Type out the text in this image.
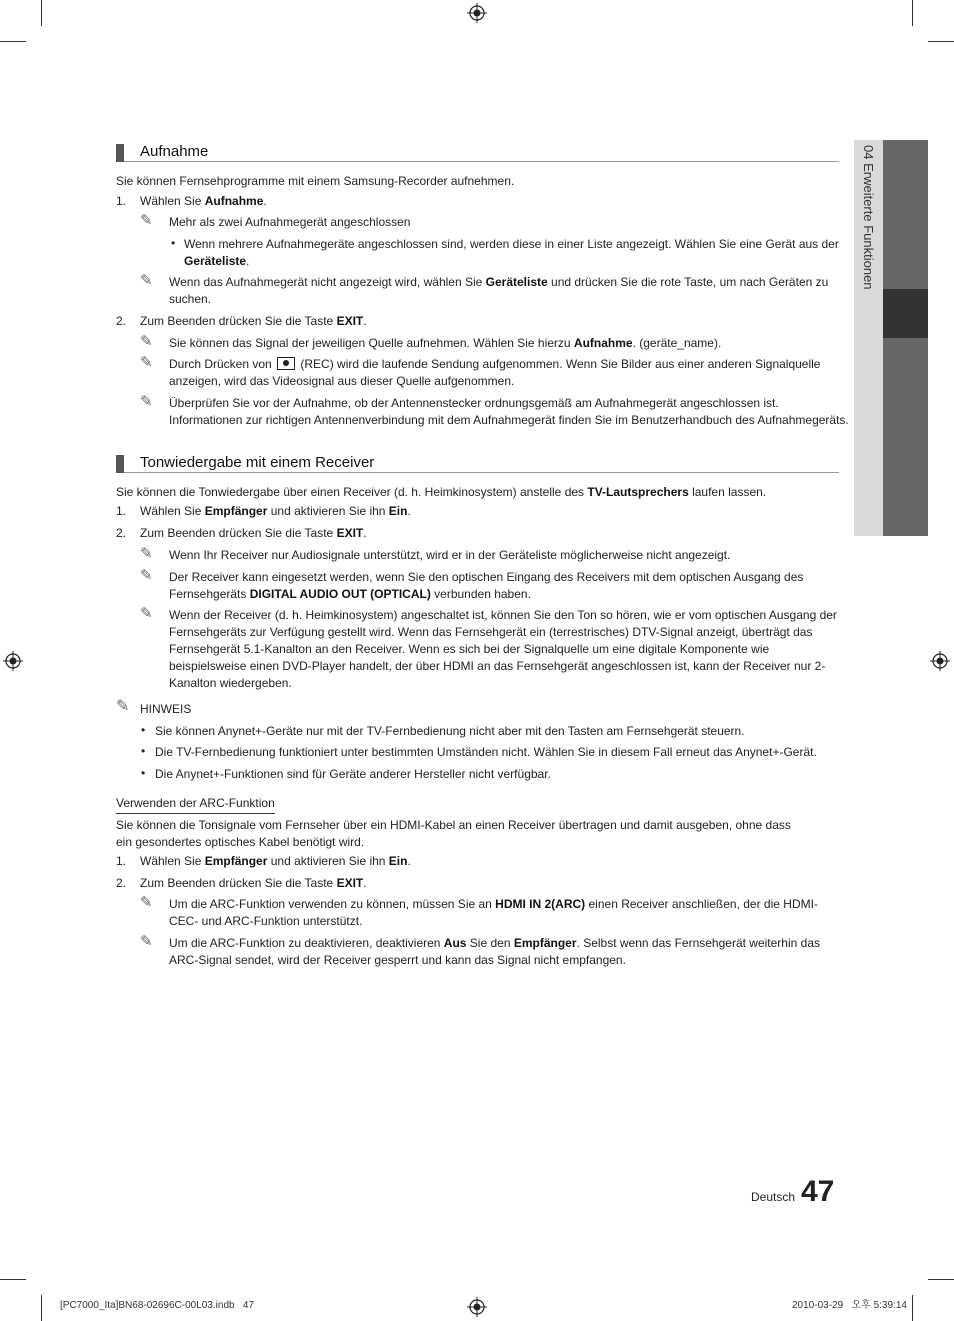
04 Erweiterte Funktionen
Aufnahme
Sie können Fernsehprogramme mit einem Samsung-Recorder aufnehmen.
1. Wählen Sie Aufnahme.
✎ Mehr als zwei Aufnahmegerät angeschlossen
• Wenn mehrere Aufnahmegeräte angeschlossen sind, werden diese in einer Liste angezeigt. Wählen Sie eine Gerät aus der Geräteliste.
✎ Wenn das Aufnahmegerät nicht angezeigt wird, wählen Sie Geräteliste und drücken Sie die rote Taste, um nach Geräten zu suchen.
2. Zum Beenden drücken Sie die Taste EXIT.
✎ Sie können das Signal der jeweiligen Quelle aufnehmen. Wählen Sie hierzu Aufnahme. (geräte_name).
✎ Durch Drücken von  (REC) wird die laufende Sendung aufgenommen. Wenn Sie Bilder aus einer anderen Signalquelle anzeigen, wird das Videosignal aus dieser Quelle aufgenommen.
✎ Überprüfen Sie vor der Aufnahme, ob der Antennenstecker ordnungsgemäß am Aufnahmegerät angeschlossen ist. Informationen zur richtigen Antennenverbindung mit dem Aufnahmegerät finden Sie im Benutzerhandbuch des Aufnahmegeräts.
Tonwiedergabe mit einem Receiver
Sie können die Tonwiedergabe über einen Receiver (d. h. Heimkinosystem) anstelle des TV-Lautsprechers laufen lassen.
1. Wählen Sie Empfänger und aktivieren Sie ihn Ein.
2. Zum Beenden drücken Sie die Taste EXIT.
✎ Wenn Ihr Receiver nur Audiosignale unterstützt, wird er in der Geräteliste möglicherweise nicht angezeigt.
✎ Der Receiver kann eingesetzt werden, wenn Sie den optischen Eingang des Receivers mit dem optischen Ausgang des Fernsehgeräts DIGITAL AUDIO OUT (OPTICAL) verbunden haben.
✎ Wenn der Receiver (d. h. Heimkinosystem) angeschaltet ist, können Sie den Ton so hören, wie er vom optischen Ausgang der Fernsehgeräts zur Verfügung gestellt wird. Wenn das Fernsehgerät ein (terrestrisches) DTV-Signal anzeigt, überträgt das Fernsehgerät 5.1-Kanalton an den Receiver. Wenn es sich bei der Signalquelle um eine digitale Komponente wie beispielsweise einen DVD-Player handelt, der über HDMI an das Fernsehgerät angeschlossen ist, kann der Receiver nur 2-Kanalton wiedergeben.
✎ HINWEIS
• Sie können Anynet+-Geräte nur mit der TV-Fernbedienung nicht aber mit den Tasten am Fernsehgerät steuern.
• Die TV-Fernbedienung funktioniert unter bestimmten Umständen nicht. Wählen Sie in diesem Fall erneut das Anynet+-Gerät.
• Die Anynet+-Funktionen sind für Geräte anderer Hersteller nicht verfügbar.
Verwenden der ARC-Funktion
Sie können die Tonsignale vom Fernseher über ein HDMI-Kabel an einen Receiver übertragen und damit ausgeben, ohne dass ein gesondertes optisches Kabel benötigt wird.
1. Wählen Sie Empfänger und aktivieren Sie ihn Ein.
2. Zum Beenden drücken Sie die Taste EXIT.
✎ Um die ARC-Funktion verwenden zu können, müssen Sie an HDMI IN 2(ARC) einen Receiver anschließen, der die HDMI-CEC- und ARC-Funktion unterstützt.
✎ Um die ARC-Funktion zu deaktivieren, deaktivieren Aus Sie den Empfänger. Selbst wenn das Fernsehgerät weiterhin das ARC-Signal sendet, wird der Receiver gesperrt und kann das Signal nicht empfangen.
Deutsch 47
[PC7000_Ita]BN68-02696C-00L03.indb   47	2010-03-29   오후 5:39:14
